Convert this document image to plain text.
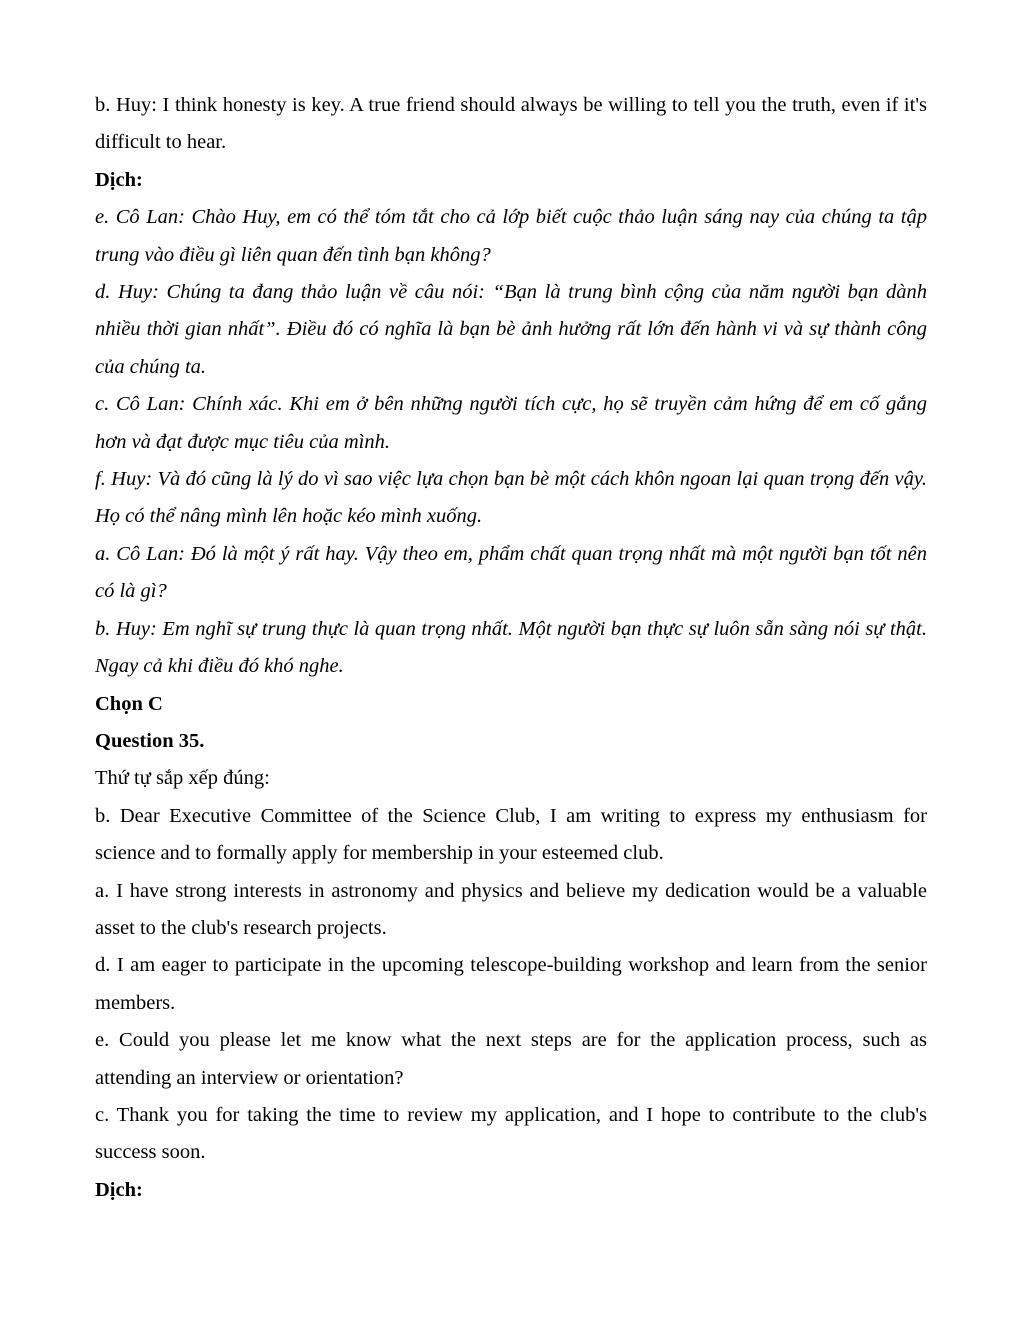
b. Huy: I think honesty is key. A true friend should always be willing to tell you the truth, even if it's difficult to hear.

Dịch:

e. Cô Lan: Chào Huy, em có thể tóm tắt cho cả lớp biết cuộc thảo luận sáng nay của chúng ta tập trung vào điều gì liên quan đến tình bạn không?

d. Huy: Chúng ta đang thảo luận về câu nói: “Bạn là trung bình cộng của năm người bạn dành nhiều thời gian nhất”. Điều đó có nghĩa là bạn bè ảnh hưởng rất lớn đến hành vi và sự thành công của chúng ta.

c. Cô Lan: Chính xác. Khi em ở bên những người tích cực, họ sẽ truyền cảm hứng để em cố gắng hơn và đạt được mục tiêu của mình.

f. Huy: Và đó cũng là lý do vì sao việc lựa chọn bạn bè một cách khôn ngoan lại quan trọng đến vậy. Họ có thể nâng mình lên hoặc kéo mình xuống.

a. Cô Lan: Đó là một ý rất hay. Vậy theo em, phẩm chất quan trọng nhất mà một người bạn tốt nên có là gì?

b. Huy: Em nghĩ sự trung thực là quan trọng nhất. Một người bạn thực sự luôn sẵn sàng nói sự thật. Ngay cả khi điều đó khó nghe.

Chọn C

Question 35.

Thứ tự sắp xếp đúng:

b. Dear Executive Committee of the Science Club, I am writing to express my enthusiasm for science and to formally apply for membership in your esteemed club.

a. I have strong interests in astronomy and physics and believe my dedication would be a valuable asset to the club's research projects.

d. I am eager to participate in the upcoming telescope-building workshop and learn from the senior members.

e. Could you please let me know what the next steps are for the application process, such as attending an interview or orientation?

c. Thank you for taking the time to review my application, and I hope to contribute to the club's success soon.

Dịch:
